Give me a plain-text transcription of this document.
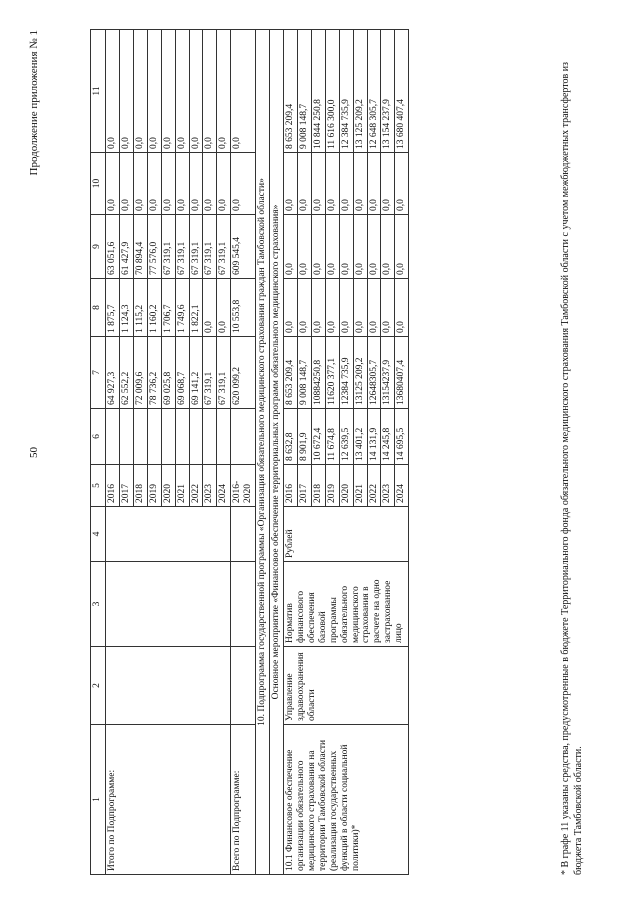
50
Продолжение приложения № 1
1	2	3	4	5	6	7	8	9	10	11
Итого по Подпрограмме:				2016		64 927,3	1 875,7	63 051,6	0,0	0,0
				2017		62 552,2	1 124,3	61 427,9	0,0	0,0
				2018		72 009,6	1 115,2	70 894,4	0,0	0,0
				2019		78 736,2	1 160,2	77 576,0	0,0	0,0
				2020		69 025,8	1 706,7	67 319,1	0,0	0,0
				2021		69 068,7	1 749,6	67 319,1	0,0	0,0
				2022		69 141,2	1 822,1	67 319,1	0,0	0,0
				2023		67 319,1	0,0	67 319,1	0,0	0,0
				2024		67 319,1	0,0	67 319,1	0,0	0,0
Всего по Подпрограмме:				2016-2020		620 099,2	10 553,8	609 545,4	0,0	0,0
10. Подпрограмма государственной программы «Организация обязательного медицинского страхования граждан Тамбовской области»										
Основное мероприятие «Финансовое обеспечение территориальных программ обязательного медицинского страхования»										
10.1 Финансовое обеспечение организации обязательного медицинского страхования на территории Тамбовской области (реализация государственных функций в области социальной политики)*	Управление здравоохранения области	Норматив финансового обеспечения базовой программы обязательного медицинского страхования в расчете на одно застрахованное лицо	Рублей	2016	8 632,8	8 653 209,4	0,0	0,0	0,0	8 653 209,4
				2017	8 901,9	9 008 148,7	0,0	0,0	0,0	9 008 148,7
				2018	10 672,4	10884250,8	0,0	0,0	0,0	10 844 250,8
				2019	11 674,8	11620 377,1	0,0	0,0	0,0	11 616 300,0
				2020	12 639,5	12384 735,9	0,0	0,0	0,0	12 384 735,9
				2021	13 401,2	13125 209,2	0,0	0,0	0,0	13 125 209,2
				2022	14 131,9	12648305,7	0,0	0,0	0,0	12 648 305,7
				2023	14 245,8	13154237,9	0,0	0,0	0,0	13 154 237,9
				2024	14 695,5	13680407,4	0,0	0,0	0,0	13 680 407,4	* В графе 11 указаны средства, предусмотренные в бюджете Территориального фонда обязательного медицинского страхования Тамбовской области с учетом межбюджетных трансфертов из бюджета Тамбовской области.
